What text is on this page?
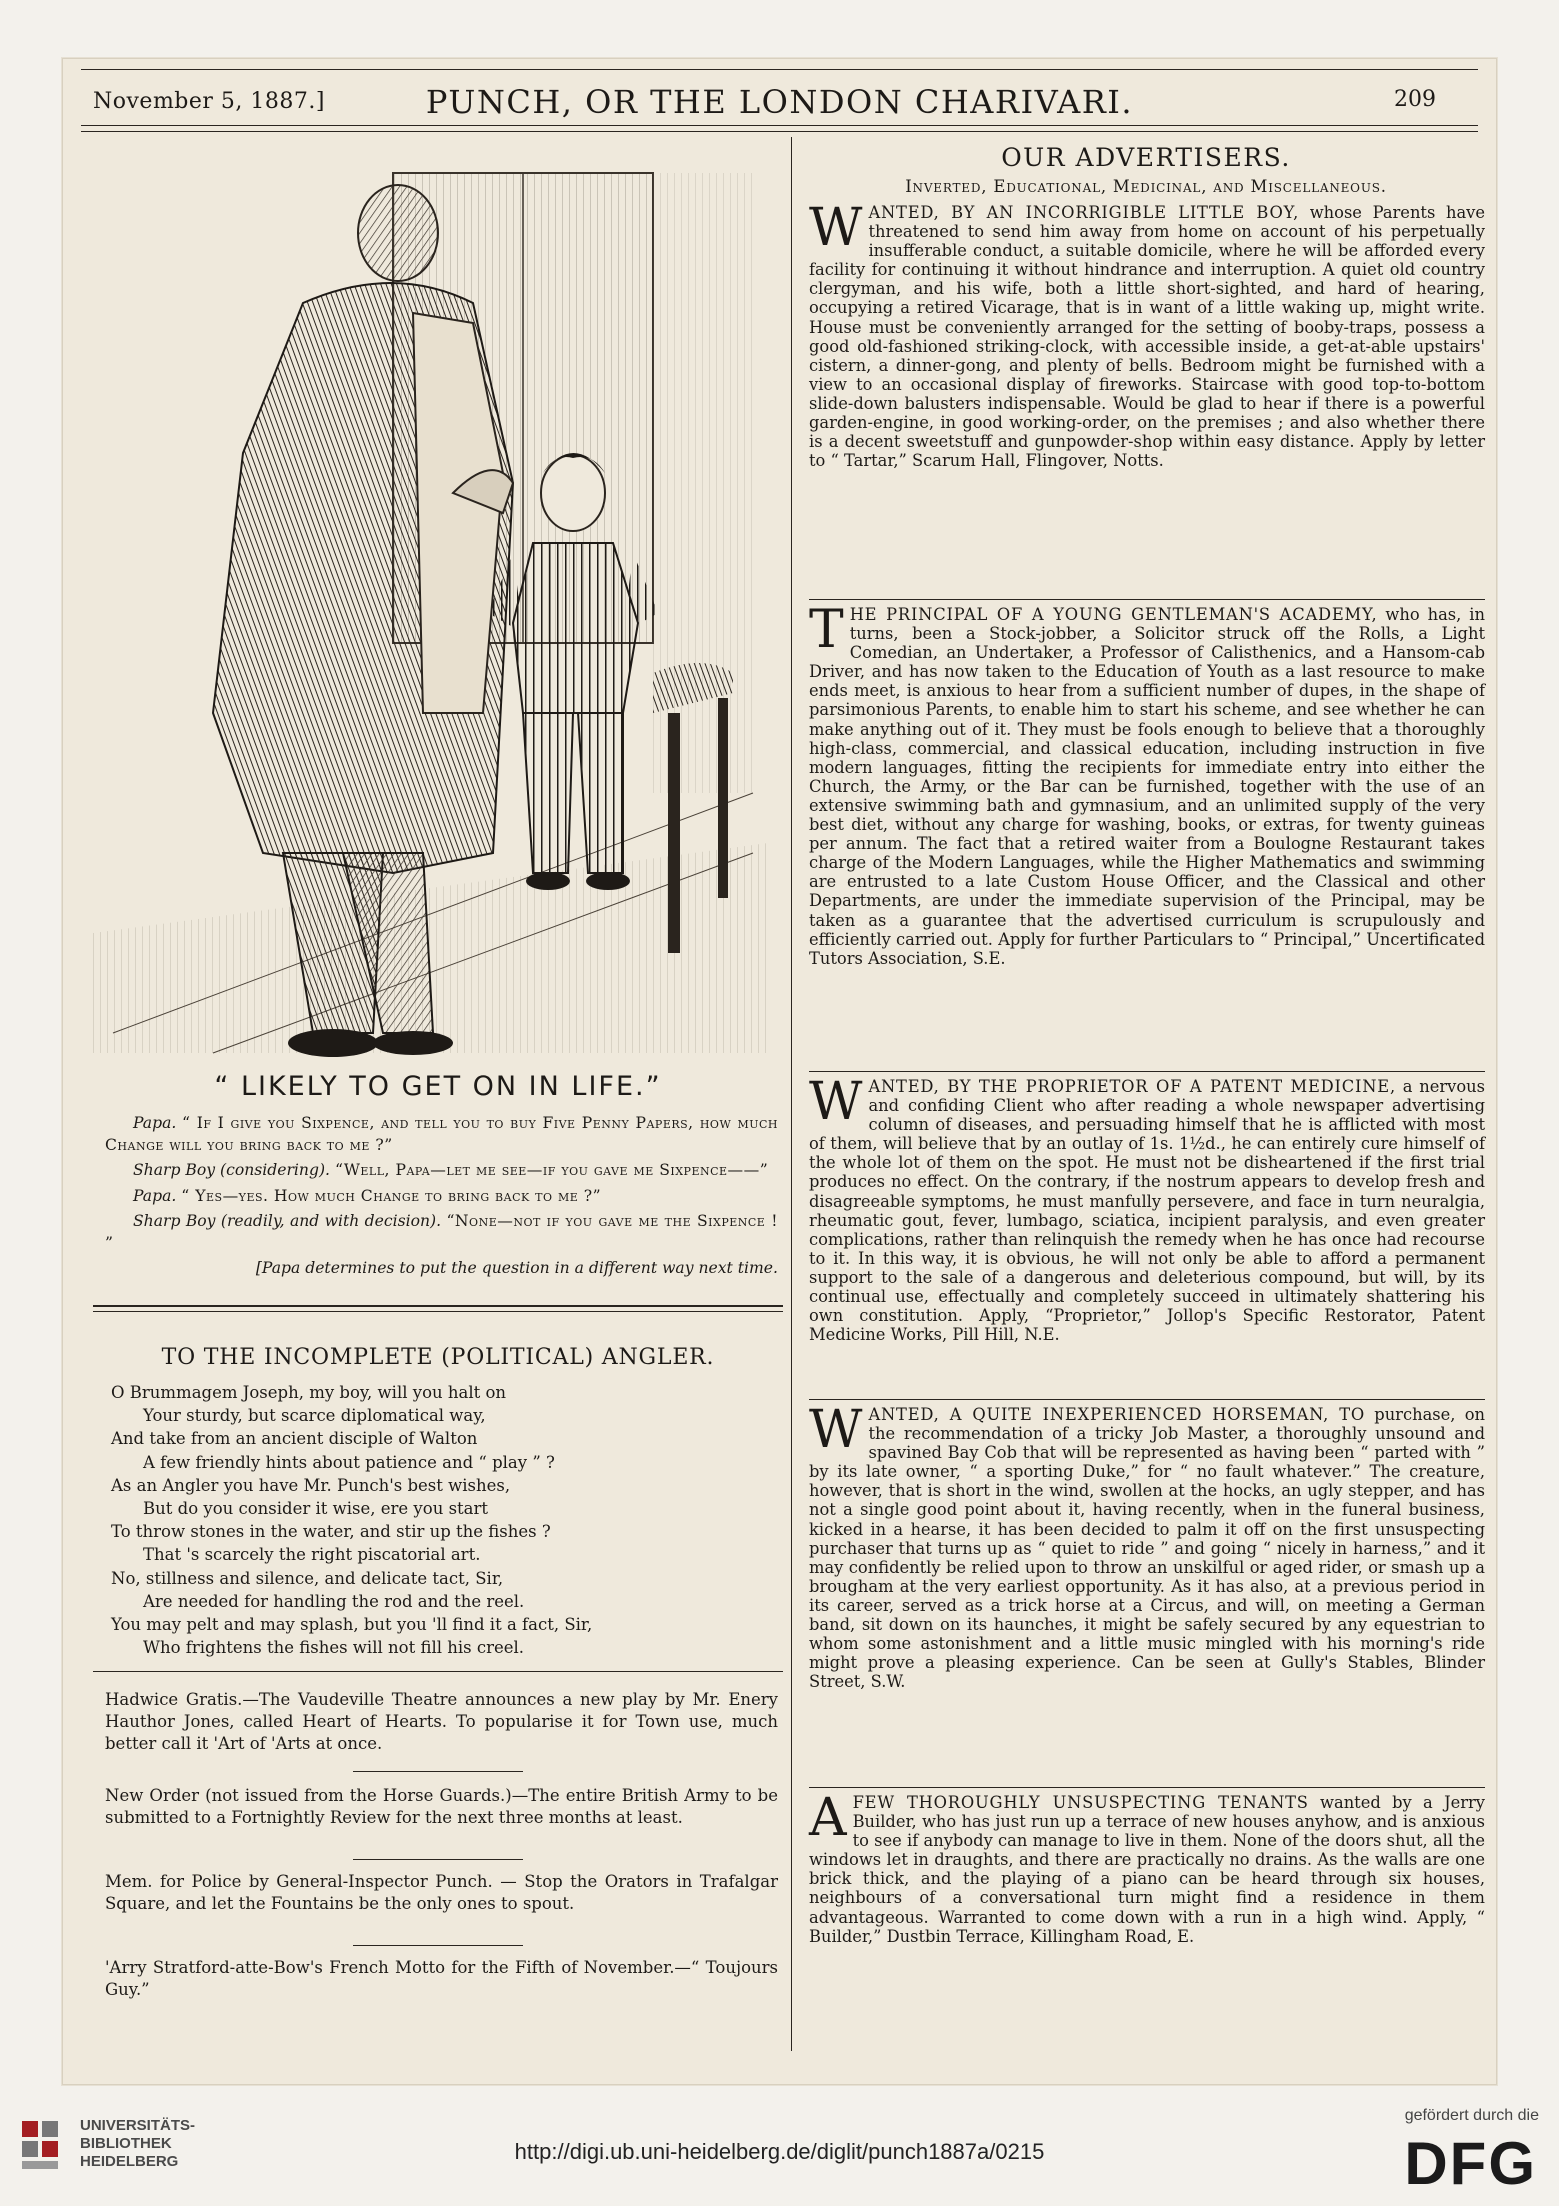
November 5, 1887.]	PUNCH, OR THE LONDON CHARIVARI.	209
“ LIKELY TO GET ON IN LIFE.”

Papa. “ If I give you Sixpence, and tell you to buy Five Penny Papers, how much Change will you bring back to me ?”

Sharp Boy (considering). “Well, Papa—let me see—if you gave me Sixpence——”

Papa. “ Yes—yes. How much Change to bring back to me ?”

Sharp Boy (readily, and with decision). “None—not if you gave me the Sixpence ! ”

[Papa determines to put the question in a different way next time.

TO THE INCOMPLETE (POLITICAL) ANGLER.
O Brummagem Joseph, my boy, will you halt on
Your sturdy, but scarce diplomatical way,
And take from an ancient disciple of Walton
A few friendly hints about patience and “ play ” ?
As an Angler you have Mr. Punch's best wishes,
But do you consider it wise, ere you start
To throw stones in the water, and stir up the fishes ?
That 's scarcely the right piscatorial art.
No, stillness and silence, and delicate tact, Sir,
Are needed for handling the rod and the reel.
You may pelt and may splash, but you 'll find it a fact, Sir,
Who frightens the fishes will not fill his creel.

Hadwice Gratis.—The Vaudeville Theatre announces a new play by Mr. Enery Hauthor Jones, called Heart of Hearts. To popularise it for Town use, much better call it 'Art of 'Arts at once.

New Order (not issued from the Horse Guards.)—The entire British Army to be submitted to a Fortnightly Review for the next three months at least.

Mem. for Police by General-Inspector Punch. — Stop the Orators in Trafalgar Square, and let the Fountains be the only ones to spout.

'Arry Stratford-atte-Bow's French Motto for the Fifth of November.—“ Toujours Guy.”

OUR ADVERTISERS.
Inverted, Educational, Medicinal, and Miscellaneous.

WANTED, BY AN INCORRIGIBLE LITTLE BOY, whose Parents have threatened to send him away from home on account of his perpetually insufferable conduct, a suitable domicile, where he will be afforded every facility for continuing it without hindrance and interruption. A quiet old country clergyman, and his wife, both a little short-sighted, and hard of hearing, occupying a retired Vicarage, that is in want of a little waking up, might write. House must be conveniently arranged for the setting of booby-traps, possess a good old-fashioned striking-clock, with accessible inside, a get-at-able upstairs' cistern, a dinner-gong, and plenty of bells. Bedroom might be furnished with a view to an occasional display of fireworks. Staircase with good top-to-bottom slide-down balusters indispensable. Would be glad to hear if there is a powerful garden-engine, in good working-order, on the premises ; and also whether there is a decent sweetstuff and gunpowder-shop within easy distance. Apply by letter to “ Tartar,” Scarum Hall, Flingover, Notts.

THE PRINCIPAL OF A YOUNG GENTLEMAN'S ACADEMY, who has, in turns, been a Stock-jobber, a Solicitor struck off the Rolls, a Light Comedian, an Undertaker, a Professor of Calisthenics, and a Hansom-cab Driver, and has now taken to the Education of Youth as a last resource to make ends meet, is anxious to hear from a sufficient number of dupes, in the shape of parsimonious Parents, to enable him to start his scheme, and see whether he can make anything out of it. They must be fools enough to believe that a thoroughly high-class, commercial, and classical education, including instruction in five modern languages, fitting the recipients for immediate entry into either the Church, the Army, or the Bar can be furnished, together with the use of an extensive swimming bath and gymnasium, and an unlimited supply of the very best diet, without any charge for washing, books, or extras, for twenty guineas per annum. The fact that a retired waiter from a Boulogne Restaurant takes charge of the Modern Languages, while the Higher Mathematics and swimming are entrusted to a late Custom House Officer, and the Classical and other Departments, are under the immediate supervision of the Principal, may be taken as a guarantee that the advertised curriculum is scrupulously and efficiently carried out. Apply for further Particulars to “ Principal,” Uncertificated Tutors Association, S.E.

WANTED, BY THE PROPRIETOR OF A PATENT MEDICINE, a nervous and confiding Client who after reading a whole newspaper advertising column of diseases, and persuading himself that he is afflicted with most of them, will believe that by an outlay of 1s. 1½d., he can entirely cure himself of the whole lot of them on the spot. He must not be disheartened if the first trial produces no effect. On the contrary, if the nostrum appears to develop fresh and disagreeable symptoms, he must manfully persevere, and face in turn neuralgia, rheumatic gout, fever, lumbago, sciatica, incipient paralysis, and even greater complications, rather than relinquish the remedy when he has once had recourse to it. In this way, it is obvious, he will not only be able to afford a permanent support to the sale of a dangerous and deleterious compound, but will, by its continual use, effectually and completely succeed in ultimately shattering his own constitution. Apply, “Proprietor,” Jollop's Specific Restorator, Patent Medicine Works, Pill Hill, N.E.

WANTED, A QUITE INEXPERIENCED HORSEMAN, TO purchase, on the recommendation of a tricky Job Master, a thoroughly unsound and spavined Bay Cob that will be represented as having been “ parted with ” by its late owner, “ a sporting Duke,” for “ no fault whatever.” The creature, however, that is short in the wind, swollen at the hocks, an ugly stepper, and has not a single good point about it, having recently, when in the funeral business, kicked in a hearse, it has been decided to palm it off on the first unsuspecting purchaser that turns up as “ quiet to ride ” and going “ nicely in harness,” and it may confidently be relied upon to throw an unskilful or aged rider, or smash up a brougham at the very earliest opportunity. As it has also, at a previous period in its career, served as a trick horse at a Circus, and will, on meeting a German band, sit down on its haunches, it might be safely secured by any equestrian to whom some astonishment and a little music mingled with his morning's ride might prove a pleasing experience. Can be seen at Gully's Stables, Blinder Street, S.W.

A FEW THOROUGHLY UNSUSPECTING TENANTS wanted by a Jerry Builder, who has just run up a terrace of new houses anyhow, and is anxious to see if anybody can manage to live in them. None of the doors shut, all the windows let in draughts, and there are practically no drains. As the walls are one brick thick, and the playing of a piano can be heard through six houses, neighbours of a conversational turn might find a residence in them advantageous. Warranted to come down with a run in a high wind. Apply, “ Builder,” Dustbin Terrace, Killingham Road, E.

UNIVERSITÄTS-
BIBLIOTHEK
HEIDELBERG	http://digi.ub.uni-heidelberg.de/diglit/punch1887a/0215
gefördert durch die
DFG
